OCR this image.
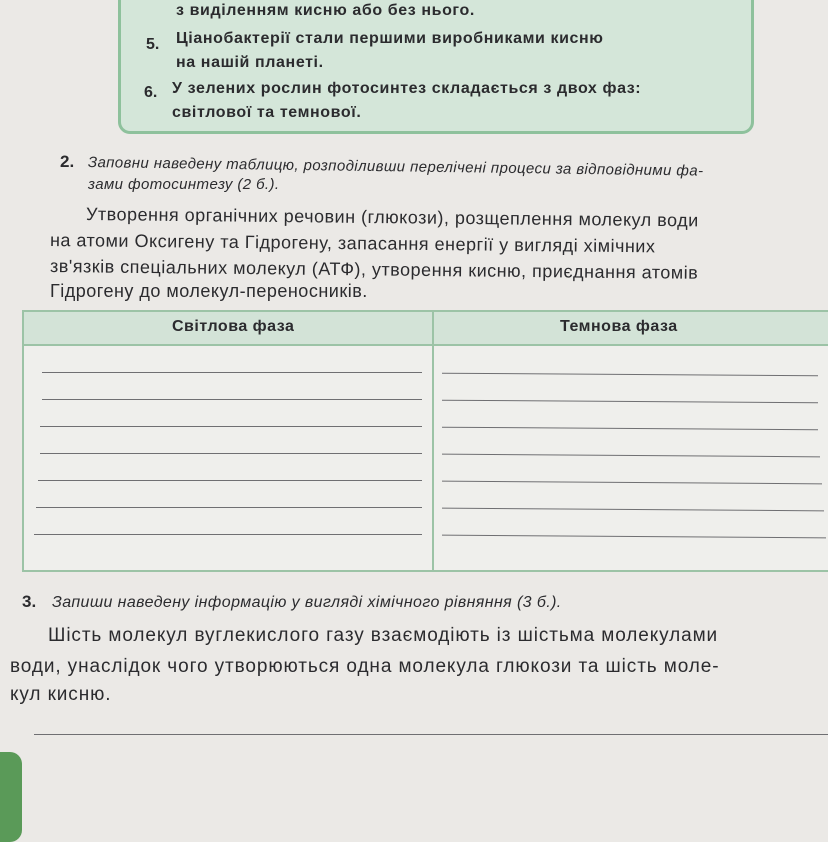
з виділенням кисню або без нього.
5. Ціанобактерії стали першими виробниками кисню
на нашій планеті.
6. У зелених рослин фотосинтез складається з двох фаз:
світлової та темнової.
2. Заповни наведену таблицю, розподіливши перелічені процеси за відповідними фа-
зами фотосинтезу (2 б.).
Утворення органічних речовин (глюкози), розщеплення молекул води
на атоми Оксигену та Гідрогену, запасання енергії у вигляді хімічних
зв'язків спеціальних молекул (АТФ), утворення кисню, приєднання атомів
Гідрогену до молекул-переносників.
Світлова фаза	Темнова фаза
3. Запиши наведену інформацію у вигляді хімічного рівняння (3 б.).
Шість молекул вуглекислого газу взаємодіють із шістьма молекулами
води, унаслідок чого утворюються одна молекула глюкози та шість моле-
кул кисню.
